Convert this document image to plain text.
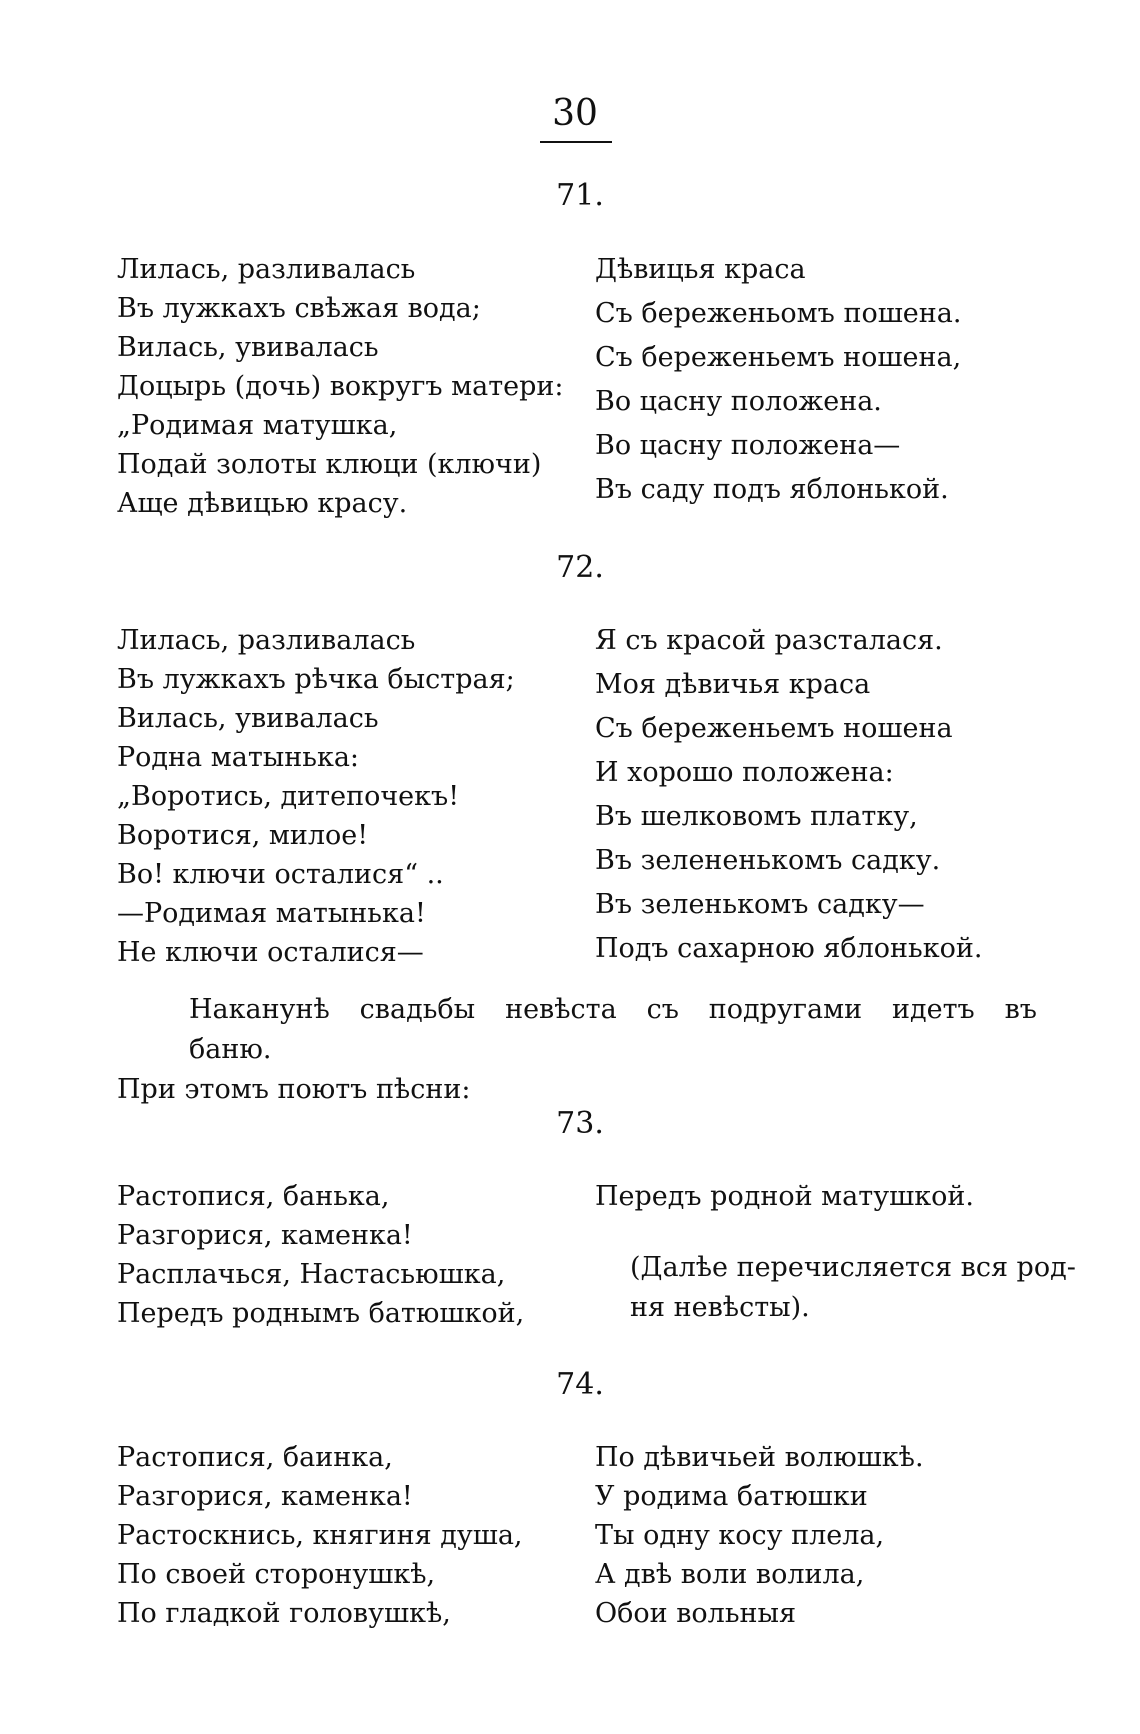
30
71.
Лилась, разливалась
Въ лужкахъ свѣжая вода;
Вилась, увивалась
Доцырь (дочь) вокругъ матери:
„Родимая матушка,
Подай золоты клюци (ключи)
Аще дѣвицью красу.
Дѣвицья краса
Съ береженьомъ пошена.
Съ береженьемъ ношена,
Во цасну положена.
Во цасну положена—
Въ саду подъ яблонькой.
72.
Лилась, разливалась
Въ лужкахъ рѣчка быстрая;
Вилась, увивалась
Родна матынька:
„Воротись, дитепочекъ!
Воротися, милое!
Во! ключи осталися“ ..
—Родимая матынька!
Не ключи осталися—
Я съ красой разсталася.
Моя дѣвичья краса
Съ береженьемъ ношена
И хорошо положена:
Въ шелковомъ платку,
Въ зелененькомъ садку.
Въ зеленькомъ садку—
Подъ сахарною яблонькой.
Наканунѣ свадьбы невѣста съ подругами идетъ въ баню.
При этомъ поютъ пѣсни:
73.
Растопися, банька,
Разгорися, каменка!
Расплачься, Настасьюшка,
Передъ роднымъ батюшкой,
Передъ родной матушкой.
(Далѣе перечисляется вся род-
ня невѣсты).
74.
Растопися, баинка,
Разгорися, каменка!
Растоскнись, княгиня душа,
По своей сторонушкѣ,
По гладкой головушкѣ,
По дѣвичьей волюшкѣ.
У родима батюшки
Ты одну косу плела,
А двѣ воли волила,
Обои вольныя
